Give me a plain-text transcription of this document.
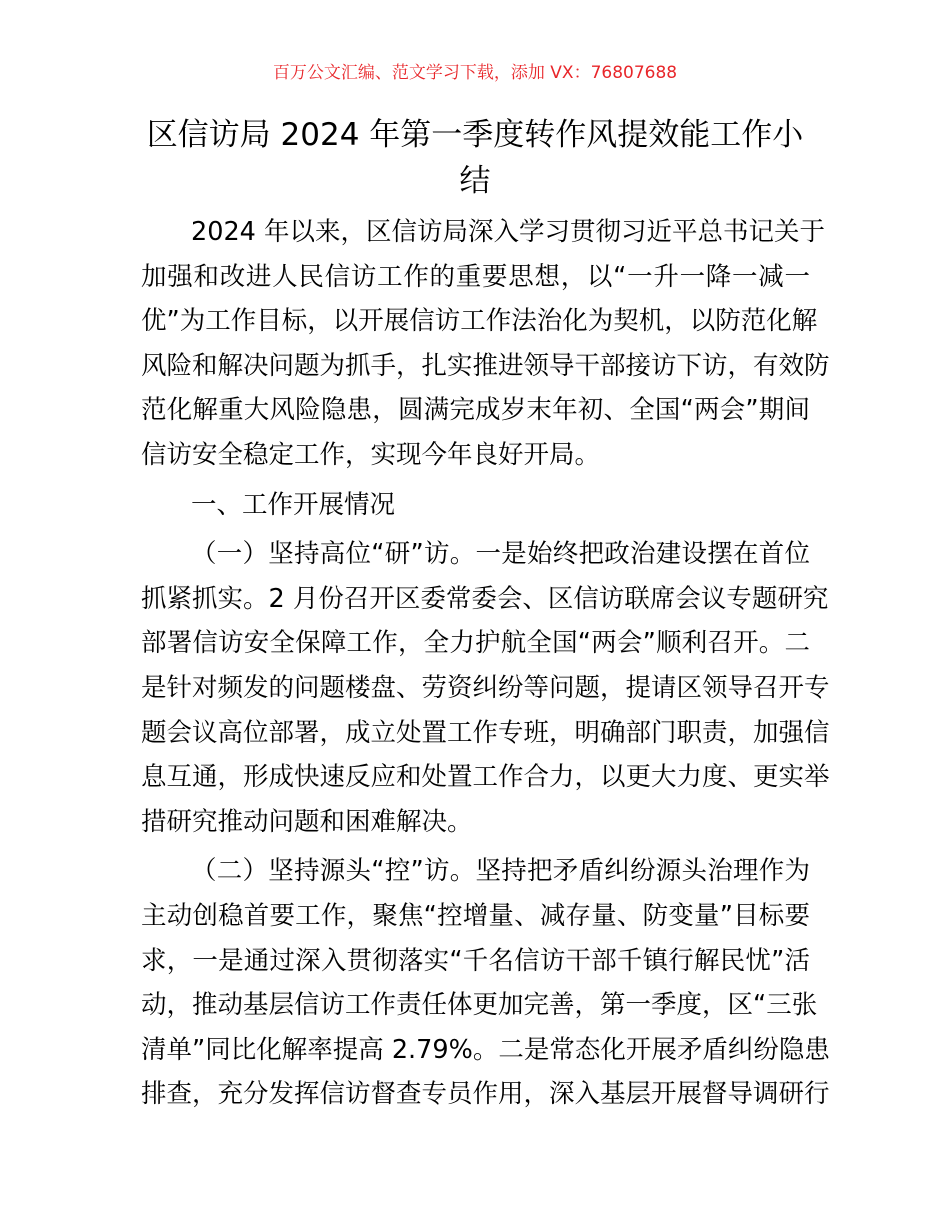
百万公文汇编、范文学习下载，添加 VX：76807688
区信访局 2024 年第一季度转作风提效能工作小
结
2024 年以来，区信访局深入学习贯彻习近平总书记关于
加强和改进人民信访工作的重要思想，以“一升一降一减一
优”为工作目标，以开展信访工作法治化为契机，以防范化解
风险和解决问题为抓手，扎实推进领导干部接访下访，有效防
范化解重大风险隐患，圆满完成岁末年初、全国“两会”期间
信访安全稳定工作，实现今年良好开局。
一、工作开展情况
（一）坚持高位“研”访。一是始终把政治建设摆在首位
抓紧抓实。2 月份召开区委常委会、区信访联席会议专题研究
部署信访安全保障工作，全力护航全国“两会”顺利召开。二
是针对频发的问题楼盘、劳资纠纷等问题，提请区领导召开专
题会议高位部署，成立处置工作专班，明确部门职责，加强信
息互通，形成快速反应和处置工作合力，以更大力度、更实举
措研究推动问题和困难解决。
（二）坚持源头“控”访。坚持把矛盾纠纷源头治理作为
主动创稳首要工作，聚焦“控增量、减存量、防变量”目标要
求，一是通过深入贯彻落实“千名信访干部千镇行解民忧”活
动，推动基层信访工作责任体更加完善，第一季度，区“三张
清单”同比化解率提高 2.79%。二是常态化开展矛盾纠纷隐患
排查，充分发挥信访督查专员作用，深入基层开展督导调研行
